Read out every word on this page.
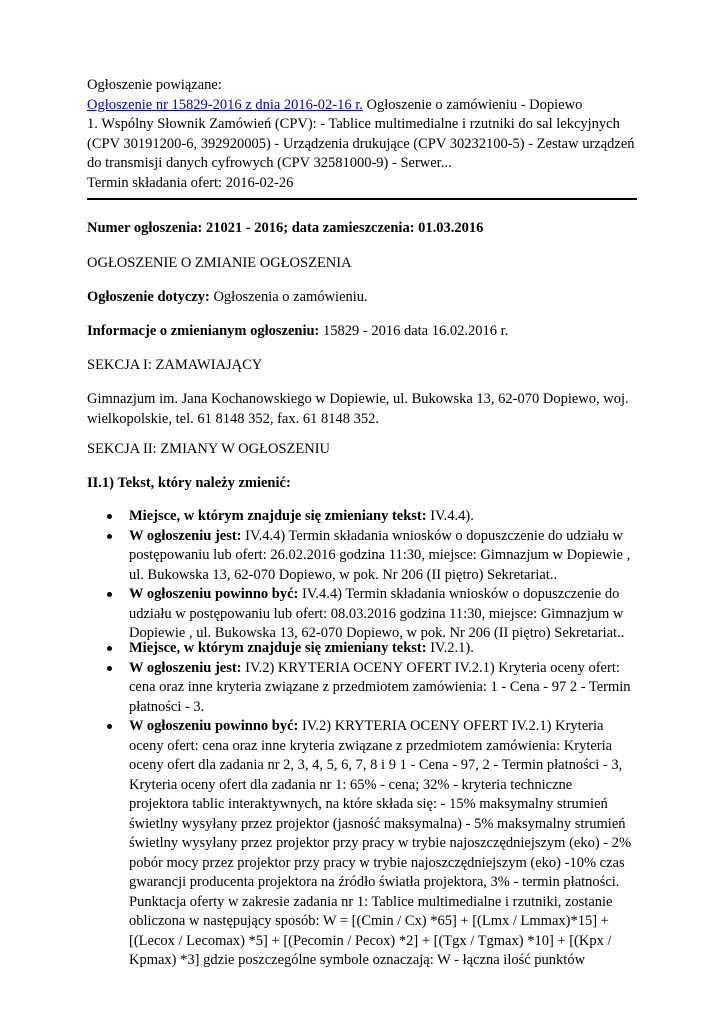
Ogłoszenie powiązane:
Ogłoszenie nr 15829-2016 z dnia 2016-02-16 r. Ogłoszenie o zamówieniu - Dopiewo
1. Wspólny Słownik Zamówień (CPV): - Tablice multimedialne i rzutniki do sal lekcyjnych
(CPV 30191200-6, 392920005) - Urządzenia drukujące (CPV 30232100-5) - Zestaw urządzeń
do transmisji danych cyfrowych (CPV 32581000-9) - Serwer...
Termin składania ofert: 2016-02-26
Numer ogłoszenia: 21021 - 2016; data zamieszczenia: 01.03.2016
OGŁOSZENIE O ZMIANIE OGŁOSZENIA
Ogłoszenie dotyczy: Ogłoszenia o zamówieniu.
Informacje o zmienianym ogłoszeniu: 15829 - 2016 data 16.02.2016 r.
SEKCJA I: ZAMAWIAJĄCY
Gimnazjum im. Jana Kochanowskiego w Dopiewie, ul. Bukowska 13, 62-070 Dopiewo, woj.
wielkopolskie, tel. 61 8148 352, fax. 61 8148 352.
SEKCJA II: ZMIANY W OGŁOSZENIU
II.1) Tekst, który należy zmienić:
Miejsce, w którym znajduje się zmieniany tekst: IV.4.4).
W ogłoszeniu jest: IV.4.4) Termin składania wniosków o dopuszczenie do udziału w
postępowaniu lub ofert: 26.02.2016 godzina 11:30, miejsce: Gimnazjum w Dopiewie ,
ul. Bukowska 13, 62-070 Dopiewo, w pok. Nr 206 (II piętro) Sekretariat..
W ogłoszeniu powinno być: IV.4.4) Termin składania wniosków o dopuszczenie do
udziału w postępowaniu lub ofert: 08.03.2016 godzina 11:30, miejsce: Gimnazjum w
Dopiewie , ul. Bukowska 13, 62-070 Dopiewo, w pok. Nr 206 (II piętro) Sekretariat..
Miejsce, w którym znajduje się zmieniany tekst: IV.2.1).
W ogłoszeniu jest: IV.2) KRYTERIA OCENY OFERT IV.2.1) Kryteria oceny ofert:
cena oraz inne kryteria związane z przedmiotem zamówienia: 1 - Cena - 97 2 - Termin
płatności - 3.
W ogłoszeniu powinno być: IV.2) KRYTERIA OCENY OFERT IV.2.1) Kryteria
oceny ofert: cena oraz inne kryteria związane z przedmiotem zamówienia: Kryteria
oceny ofert dla zadania nr 2, 3, 4, 5, 6, 7, 8 i 9 1 - Cena - 97, 2 - Termin płatności - 3,
Kryteria oceny ofert dla zadania nr 1: 65% - cena; 32% - kryteria techniczne
projektora tablic interaktywnych, na które składa się: - 15% maksymalny strumień
świetlny wysyłany przez projektor (jasność maksymalna) - 5% maksymalny strumień
świetlny wysyłany przez projektor przy pracy w trybie najoszczędniejszym (eko) - 2%
pobór mocy przez projektor przy pracy w trybie najoszczędniejszym (eko) -10% czas
gwarancji producenta projektora na źródło światła projektora, 3% - termin płatności.
Punktacja oferty w zakresie zadania nr 1: Tablice multimedialne i rzutniki, zostanie
obliczona w następujący sposób: W = [(Cmin / Cx) *65] + [(Lmx / Lmmax)*15] +
[(Lecox / Lecomax) *5] + [(Pecomin / Pecox) *2] + [(Tgx / Tgmax) *10] + [(Kpx /
Kpmax) *3] gdzie poszczególne symbole oznaczają: W - łączna ilość punktów
